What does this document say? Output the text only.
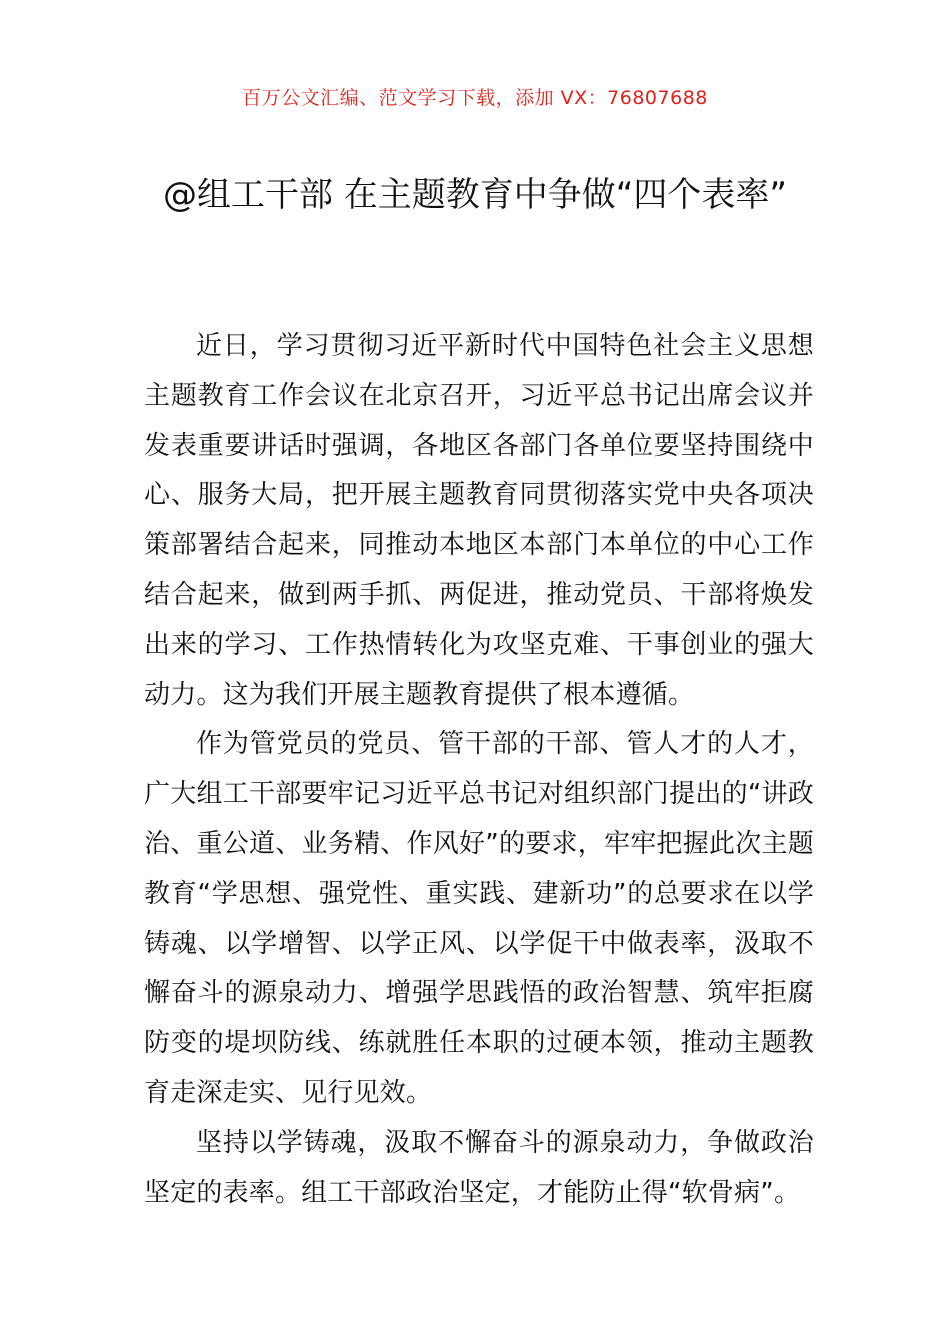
百万公文汇编、范文学习下载，添加 VX：76807688
@组工干部 在主题教育中争做“四个表率”

近日，学习贯彻习近平新时代中国特色社会主义思想主题教育工作会议在北京召开，习近平总书记出席会议并发表重要讲话时强调，各地区各部门各单位要坚持围绕中心、服务大局，把开展主题教育同贯彻落实党中央各项决策部署结合起来，同推动本地区本部门本单位的中心工作结合起来，做到两手抓、两促进，推动党员、干部将焕发出来的学习、工作热情转化为攻坚克难、干事创业的强大动力。这为我们开展主题教育提供了根本遵循。

作为管党员的党员、管干部的干部、管人才的人才，广大组工干部要牢记习近平总书记对组织部门提出的“讲政治、重公道、业务精、作风好”的要求，牢牢把握此次主题教育“学思想、强党性、重实践、建新功”的总要求在以学铸魂、以学增智、以学正风、以学促干中做表率，汲取不懈奋斗的源泉动力、增强学思践悟的政治智慧、筑牢拒腐防变的堤坝防线、练就胜任本职的过硬本领，推动主题教育走深走实、见行见效。

坚持以学铸魂，汲取不懈奋斗的源泉动力，争做政治坚定的表率。组工干部政治坚定，才能防止得“软骨病”。
